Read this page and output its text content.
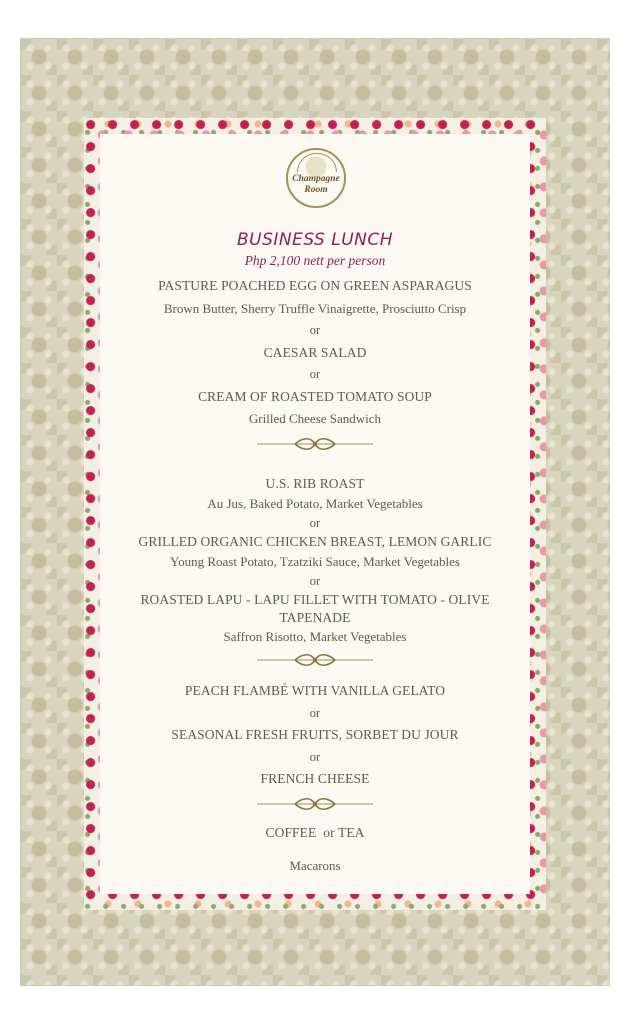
Champagne
Room
BUSINESS LUNCH
Php 2,100 nett per person
PASTURE POACHED EGG ON GREEN ASPARAGUS
Brown Butter, Sherry Truffle Vinaigrette, Prosciutto Crisp
or
CAESAR SALAD
or
CREAM OF ROASTED TOMATO SOUP
Grilled Cheese Sandwich
U.S. RIB ROAST
Au Jus, Baked Potato, Market Vegetables
or
GRILLED ORGANIC CHICKEN BREAST, LEMON GARLIC
Young Roast Potato, Tzatziki Sauce, Market Vegetables
or
ROASTED LAPU - LAPU FILLET WITH TOMATO - OLIVE
TAPENADE
Saffron Risotto, Market Vegetables
PEACH FLAMBÉ WITH VANILLA GELATO
or
SEASONAL FRESH FRUITS, SORBET DU JOUR
or
FRENCH CHEESE
COFFEE  or TEA
Macarons
